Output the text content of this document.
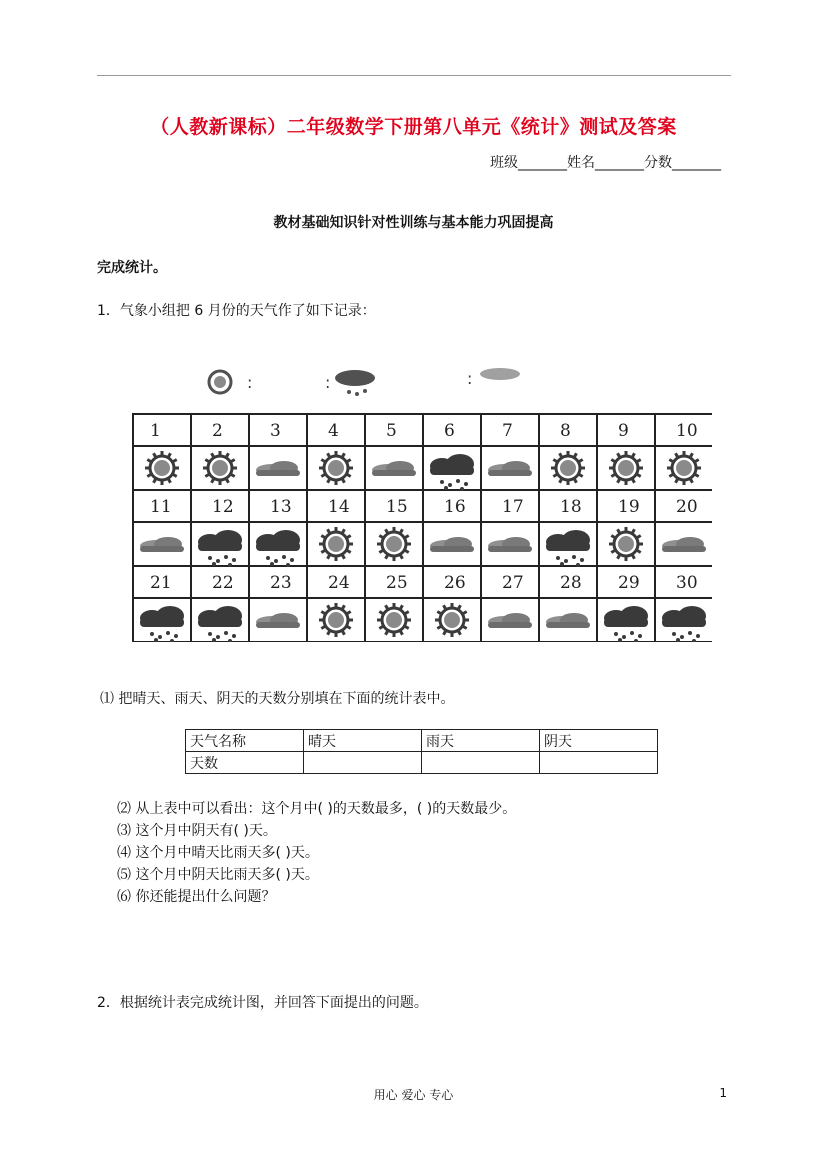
（人教新课标）二年级数学下册第八单元《统计》测试及答案
班级_______姓名_______分数_______
教材基础知识针对性训练与基本能力巩固提高
完成统计。
1．气象小组把 6 月份的天气作了如下记录：
:	:	:
1	2	3	4	5	6	7	8	9	10
11 12 13 14 15 16 17 18 19 20
21 22 23 24 25 26 27 28 29 30
⑴ 把晴天、雨天、阴天的天数分别填在下面的统计表中。
天气名称	晴天	雨天	阴天
天数			
⑵ 从上表中可以看出：这个月中( )的天数最多，( )的天数最少。
⑶ 这个月中阴天有( )天。
⑷ 这个月中晴天比雨天多( )天。
⑸ 这个月中阴天比雨天多( )天。
⑹ 你还能提出什么问题？
2．根据统计表完成统计图，并回答下面提出的问题。
用心 爱心 专心	1
